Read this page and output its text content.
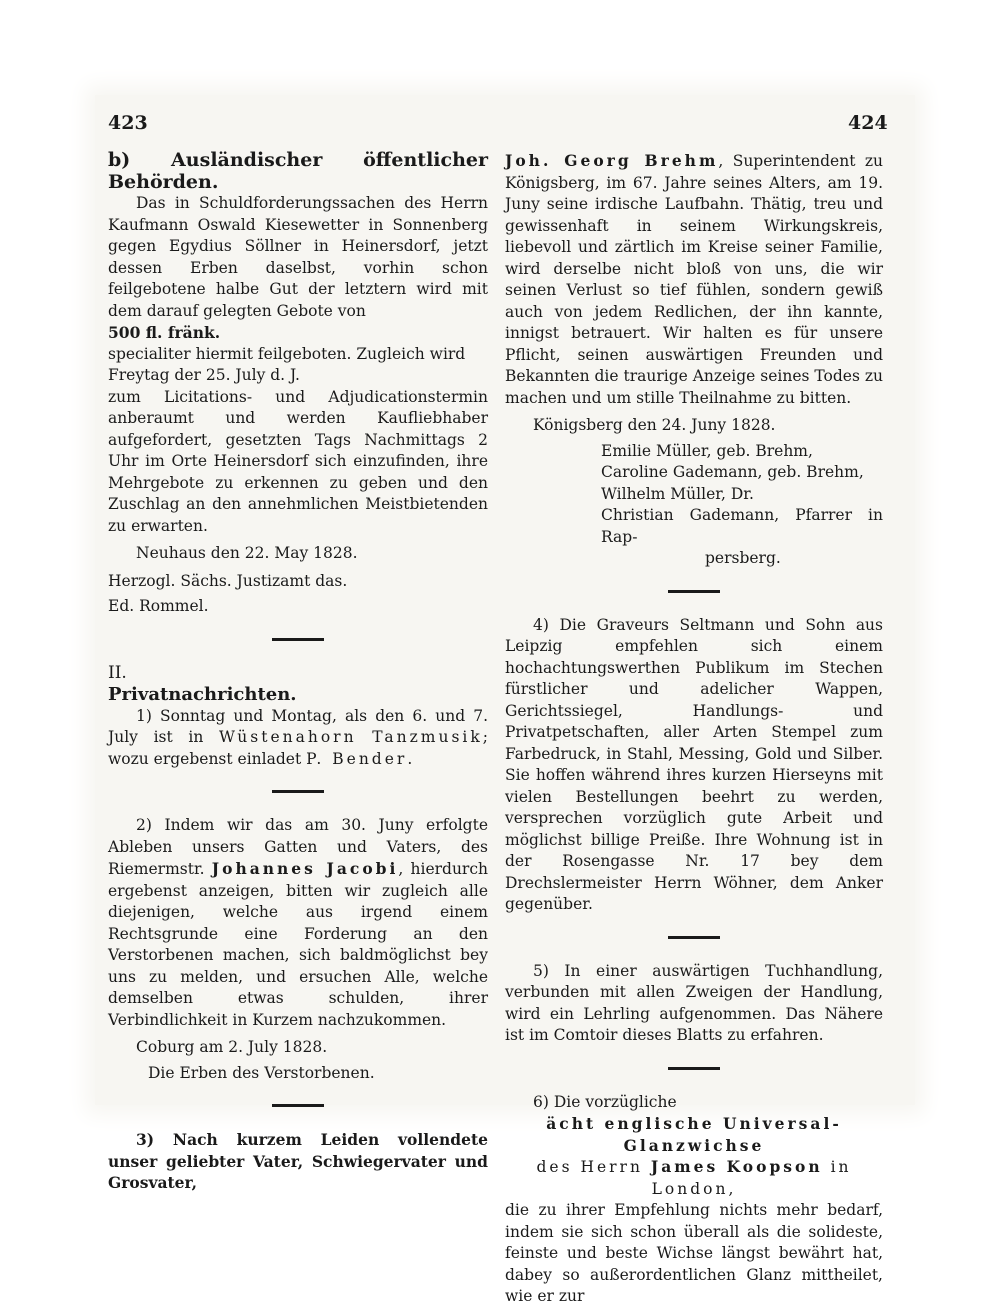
423	424

b) Ausländischer öffentlicher Behörden.

Das in Schuldforderungssachen des Herrn Kaufmann Oswald Kiesewetter in Sonnenberg gegen Egydius Söllner in Heinersdorf, jetzt dessen Erben daselbst, vorhin schon feilgebotene halbe Gut der letztern wird mit dem darauf gelegten Gebote von

500 fl. fränk.

specialiter hiermit feilgeboten. Zugleich wird

Freytag der 25. July d. J.

zum Licitations- und Adjudicationstermin anberaumt und werden Kaufliebhaber aufgefordert, gesetzten Tags Nachmittags 2 Uhr im Orte Heinersdorf sich einzufinden, ihre Mehrgebote zu erkennen zu geben und den Zuschlag an den annehmlichen Meistbietenden zu erwarten.

Neuhaus den 22. May 1828.

Herzogl. Sächs. Justizamt das.

Ed. Rommel.

II.

Privatnachrichten.

1) Sonntag und Montag, als den 6. und 7. July ist in Wüstenahorn Tanzmusik; wozu ergebenst einladet P. Bender.

2) Indem wir das am 30. Juny erfolgte Ableben unsers Gatten und Vaters, des Riemermstr. Johannes Jacobi, hierdurch ergebenst anzeigen, bitten wir zugleich alle diejenigen, welche aus irgend einem Rechtsgrunde eine Forderung an den Verstorbenen machen, sich baldmöglichst bey uns zu melden, und ersuchen Alle, welche demselben etwas schulden, ihrer Verbindlichkeit in Kurzem nachzukommen.

Coburg am 2. July 1828.

Die Erben des Verstorbenen.

3) Nach kurzem Leiden vollendete unser geliebter Vater, Schwiegervater und Grosvater,

Joh. Georg Brehm, Superintendent zu Königsberg, im 67. Jahre seines Alters, am 19. Juny seine irdische Laufbahn. Thätig, treu und gewissenhaft in seinem Wirkungskreis, liebevoll und zärtlich im Kreise seiner Familie, wird derselbe nicht bloß von uns, die wir seinen Verlust so tief fühlen, sondern gewiß auch von jedem Redlichen, der ihn kannte, innigst betrauert. Wir halten es für unsere Pflicht, seinen auswärtigen Freunden und Bekannten die traurige Anzeige seines Todes zu machen und um stille Theilnahme zu bitten.

Königsberg den 24. Juny 1828.

Emilie Müller, geb. Brehm,

Caroline Gademann, geb. Brehm,

Wilhelm Müller, Dr.

Christian Gademann, Pfarrer in Rap-

persberg.

4) Die Graveurs Seltmann und Sohn aus Leipzig empfehlen sich einem hochachtungswerthen Publikum im Stechen fürstlicher und adelicher Wappen, Gerichtssiegel, Handlungs- und Privatpetschaften, aller Arten Stempel zum Farbedruck, in Stahl, Messing, Gold und Silber. Sie hoffen während ihres kurzen Hierseyns mit vielen Bestellungen beehrt zu werden, versprechen vorzüglich gute Arbeit und möglichst billige Preiße. Ihre Wohnung ist in der Rosengasse Nr. 17 bey dem Drechslermeister Herrn Wöhner, dem Anker gegenüber.

5) In einer auswärtigen Tuchhandlung, verbunden mit allen Zweigen der Handlung, wird ein Lehrling aufgenommen. Das Nähere ist im Comtoir dieses Blatts zu erfahren.

6) Die vorzügliche

ächt englische Universal-Glanzwichse

des Herrn James Koopson in London,

die zu ihrer Empfehlung nichts mehr bedarf, indem sie sich schon überall als die solideste, feinste und beste Wichse längst bewährt hat, dabey so außerordentlichen Glanz mittheilet, wie er zur
